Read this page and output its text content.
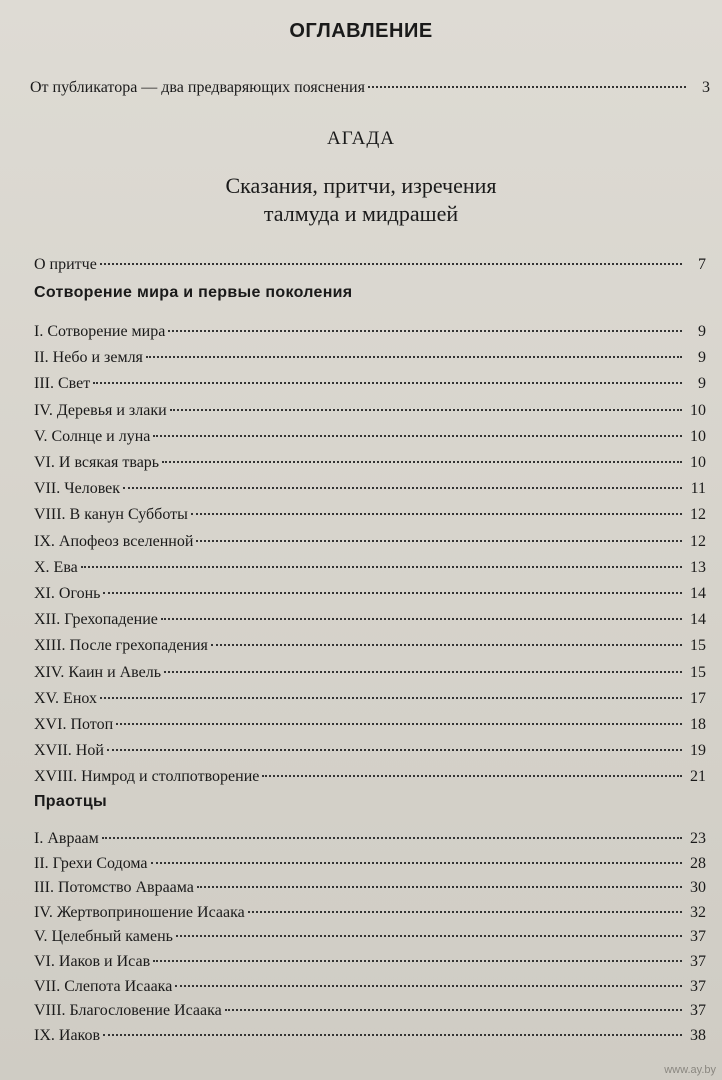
ОГЛАВЛЕНИЕ
От публикатора — два предваряющих пояснения	3
АГАДА
Сказания, притчи, изречения
талмуда и мидрашей
О притче	7
Сотворение мира и первые поколения
I. Сотворение мира	9
II. Небо и земля	9
III. Свет	9
IV. Деревья и злаки	10
V. Солнце и луна	10
VI. И всякая тварь	10
VII. Человек	11
VIII. В канун Субботы	12
IX. Апофеоз вселенной	12
X. Ева	13
XI. Огонь	14
XII. Грехопадение	14
XIII. После грехопадения	15
XIV. Каин и Авель	15
XV. Енох	17
XVI. Потоп	18
XVII. Ной	19
XVIII. Нимрод и столпотворение	21
Праотцы
I. Авраам	23
II. Грехи Содома	28
III. Потомство Авраама	30
IV. Жертвоприношение Исаака	32
V. Целебный камень	37
VI. Иаков и Исав	37
VII. Слепота Исаака	37
VIII. Благословение Исаака	37
IX. Иаков	38
www.ay.by
